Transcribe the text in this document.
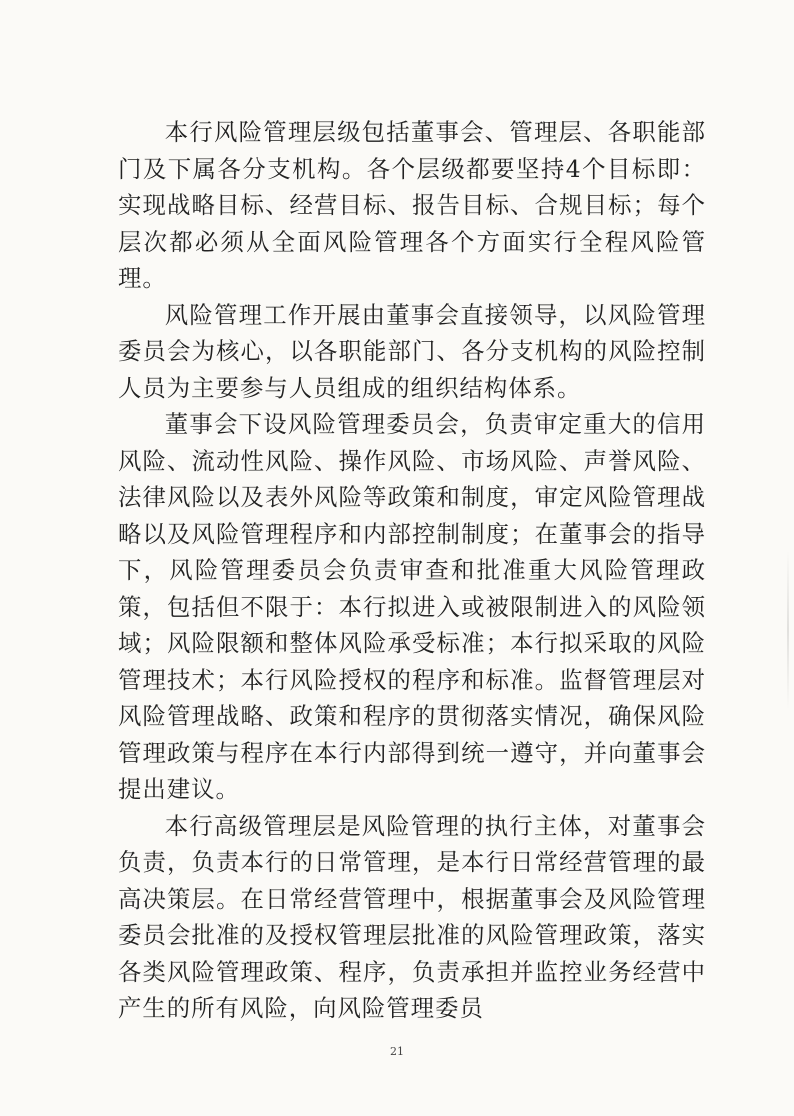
本行风险管理层级包括董事会、管理层、各职能部门及下属各分支机构。各个层级都要坚持4个目标即：实现战略目标、经营目标、报告目标、合规目标；每个层次都必须从全面风险管理各个方面实行全程风险管理。

风险管理工作开展由董事会直接领导，以风险管理委员会为核心，以各职能部门、各分支机构的风险控制人员为主要参与人员组成的组织结构体系。

董事会下设风险管理委员会，负责审定重大的信用风险、流动性风险、操作风险、市场风险、声誉风险、法律风险以及表外风险等政策和制度，审定风险管理战略以及风险管理程序和内部控制制度；在董事会的指导下，风险管理委员会负责审查和批准重大风险管理政策，包括但不限于：本行拟进入或被限制进入的风险领域；风险限额和整体风险承受标准；本行拟采取的风险管理技术；本行风险授权的程序和标准。监督管理层对风险管理战略、政策和程序的贯彻落实情况，确保风险管理政策与程序在本行内部得到统一遵守，并向董事会提出建议。

本行高级管理层是风险管理的执行主体，对董事会负责，负责本行的日常管理，是本行日常经营管理的最高决策层。在日常经营管理中，根据董事会及风险管理委员会批准的及授权管理层批准的风险管理政策，落实各类风险管理政策、程序，负责承担并监控业务经营中产生的所有风险，向风险管理委员

21
